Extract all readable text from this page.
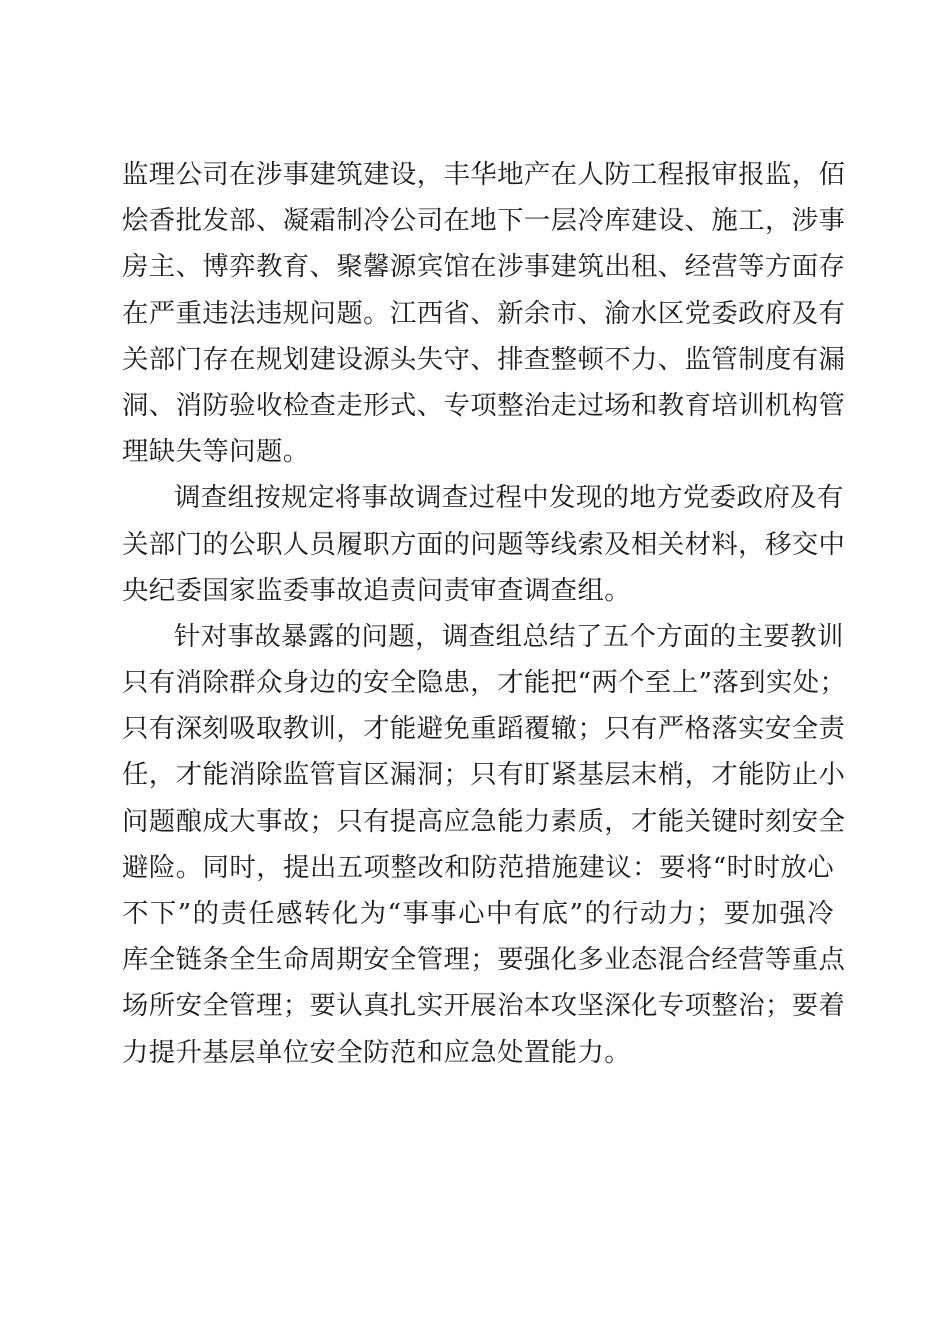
监理公司在涉事建筑建设，丰华地产在人防工程报审报监，佰
烩香批发部、凝霜制冷公司在地下一层冷库建设、施工，涉事
房主、博弈教育、聚馨源宾馆在涉事建筑出租、经营等方面存
在严重违法违规问题。江西省、新余市、渝水区党委政府及有
关部门存在规划建设源头失守、排查整顿不力、监管制度有漏
洞、消防验收检查走形式、专项整治走过场和教育培训机构管
理缺失等问题。
调查组按规定将事故调查过程中发现的地方党委政府及有
关部门的公职人员履职方面的问题等线索及相关材料，移交中
央纪委国家监委事故追责问责审查调查组。
针对事故暴露的问题，调查组总结了五个方面的主要教训
只有消除群众身边的安全隐患，才能把“两个至上”落到实处；
只有深刻吸取教训，才能避免重蹈覆辙；只有严格落实安全责
任，才能消除监管盲区漏洞；只有盯紧基层末梢，才能防止小
问题酿成大事故；只有提高应急能力素质，才能关键时刻安全
避险。同时，提出五项整改和防范措施建议：要将“时时放心
不下”的责任感转化为“事事心中有底”的行动力；要加强冷
库全链条全生命周期安全管理；要强化多业态混合经营等重点
场所安全管理；要认真扎实开展治本攻坚深化专项整治；要着
力提升基层单位安全防范和应急处置能力。
